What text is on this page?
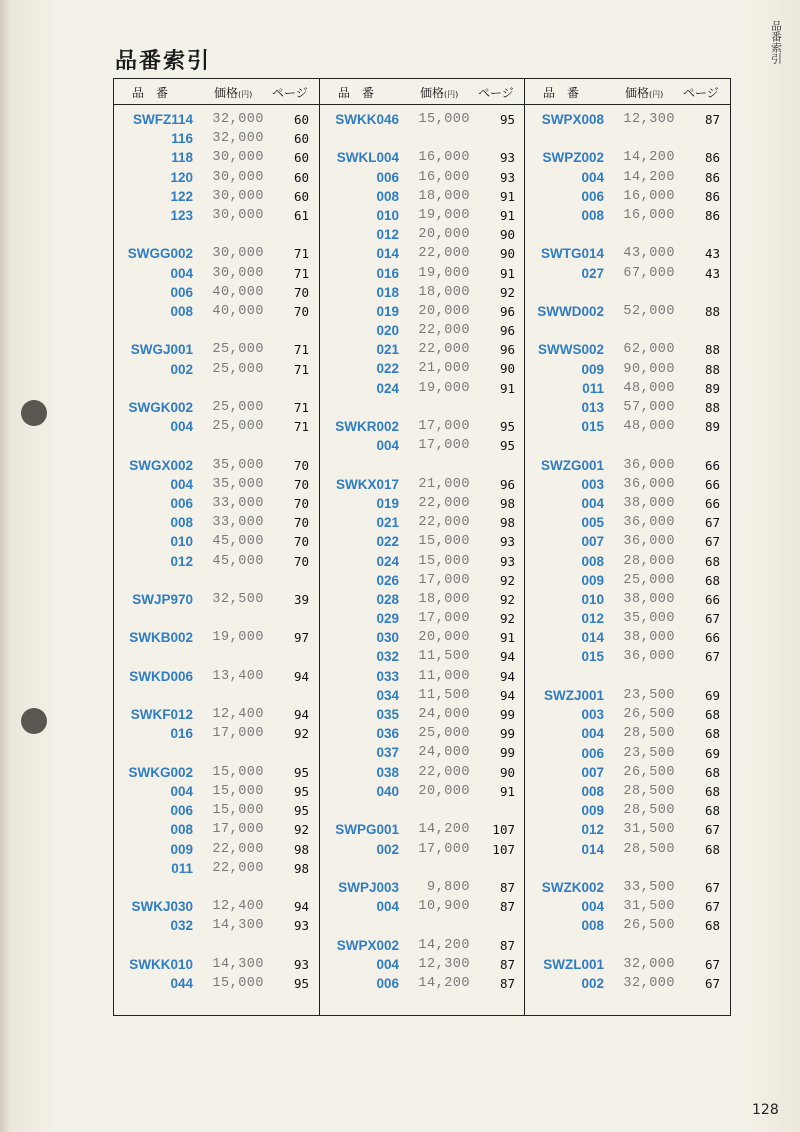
品番索引	品番索引
品　番	価格(円) ページ
SWFZ114 32,000 60
116 32,000 60
118 30,000 60
120 30,000 60
122 30,000 60
123 30,000 61
SWGG002 30,000 71
004 30,000 71
006 40,000 70
008 40,000 70
SWGJ001 25,000 71
002 25,000 71
SWGK002 25,000 71
004 25,000 71
SWGX002 35,000 70
004 35,000 70
006 33,000 70
008 33,000 70
010 45,000 70
012 45,000 70
SWJP970 32,500 39
SWKB002 19,000 97
SWKD006 13,400 94
SWKF012 12,400 94
016 17,000 92
SWKG002 15,000 95
004 15,000 95
006 15,000 95
008 17,000 92
009 22,000 98
011 22,000 98
SWKJ030 12,400 94
032 14,300 93
SWKK010 14,300 93
044 15,000 95
品　番	価格(円) ページ
SWKK046 15,000 95
SWKL004 16,000 93
006 16,000 93
008 18,000 91
010 19,000 91
012 20,000 90
014 22,000 90
016 19,000 91
018 18,000 92
019 20,000 96
020 22,000 96
021 22,000 96
022 21,000 90
024 19,000 91
SWKR002 17,000 95
004 17,000 95
SWKX017 21,000 96
019 22,000 98
021 22,000 98
022 15,000 93
024 15,000 93
026 17,000 92
028 18,000 92
029 17,000 92
030 20,000 91
032 11,500 94
033 11,000 94
034 11,500 94
035 24,000 99
036 25,000 99
037 24,000 99
038 22,000 90
040 20,000 91
SWPG001 14,200 107
002 17,000 107
SWPJ003 9,800 87
004 10,900 87
SWPX002 14,200 87
004 12,300 87
006 14,200 87
品　番	価格(円) ページ
SWPX008 12,300 87
SWPZ002 14,200 86
004 14,200 86
006 16,000 86
008 16,000 86
SWTG014 43,000 43
027 67,000 43
SWWD002 52,000 88
SWWS002 62,000 88
009 90,000 88
011 48,000 89
013 57,000 88
015 48,000 89
SWZG001 36,000 66
003 36,000 66
004 38,000 66
005 36,000 67
007 36,000 67
008 28,000 68
009 25,000 68
010 38,000 66
012 35,000 67
014 38,000 66
015 36,000 67
SWZJ001 23,500 69
003 26,500 68
004 28,500 68
006 23,500 69
007 26,500 68
008 28,500 68
009 28,500 68
012 31,500 67
014 28,500 68
SWZK002 33,500 67
004 31,500 67
008 26,500 68
SWZL001 32,000 67
002 32,000 67
128
